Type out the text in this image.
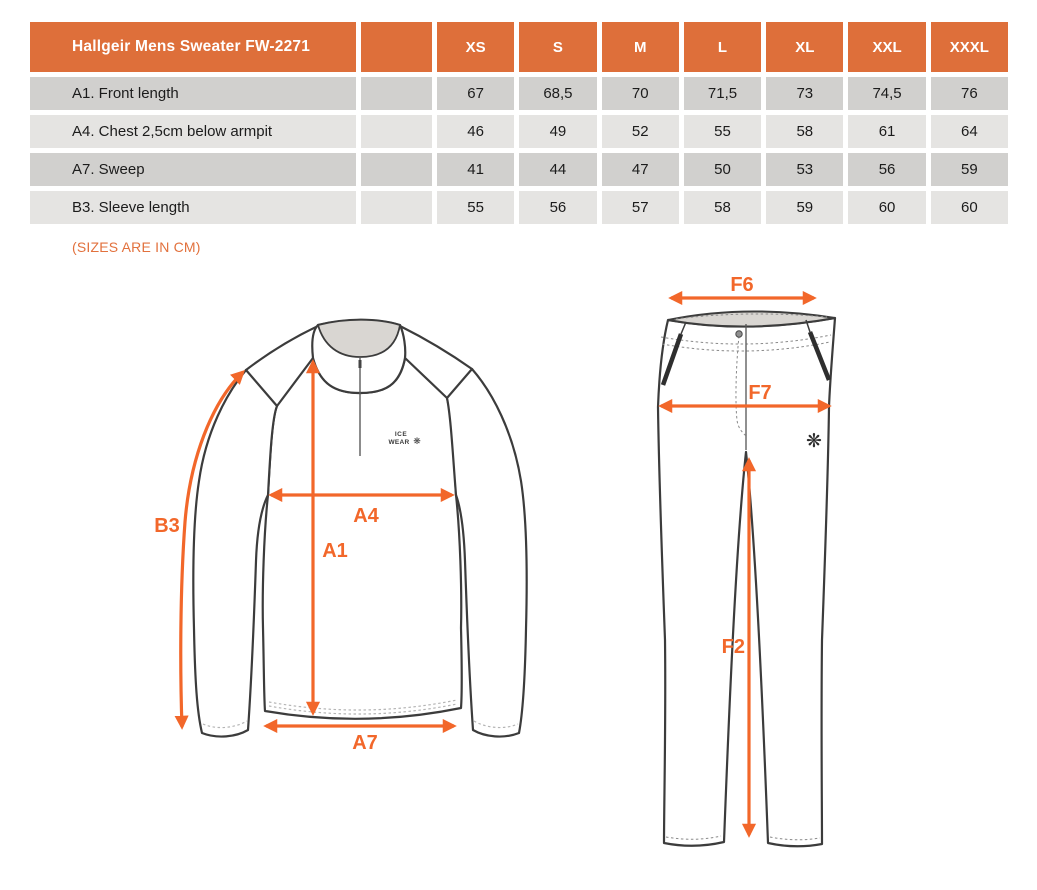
Hallgeir Mens Sweater FW-2271	XS	S	M	L	XL	XXL	XXXL
A1. Front length	67	68,5	70	71,5	73	74,5	76
A4. Chest 2,5cm below armpit	46	49	52	55	58	61	64
A7. Sweep	41	44	47	50	53	56	59
B3. Sleeve length	55	56	57	58	59	60	60
(SIZES ARE IN CM)
ICE
WEAR ❋
B3	A4
A1
A7
❋
F6
F7
F2
